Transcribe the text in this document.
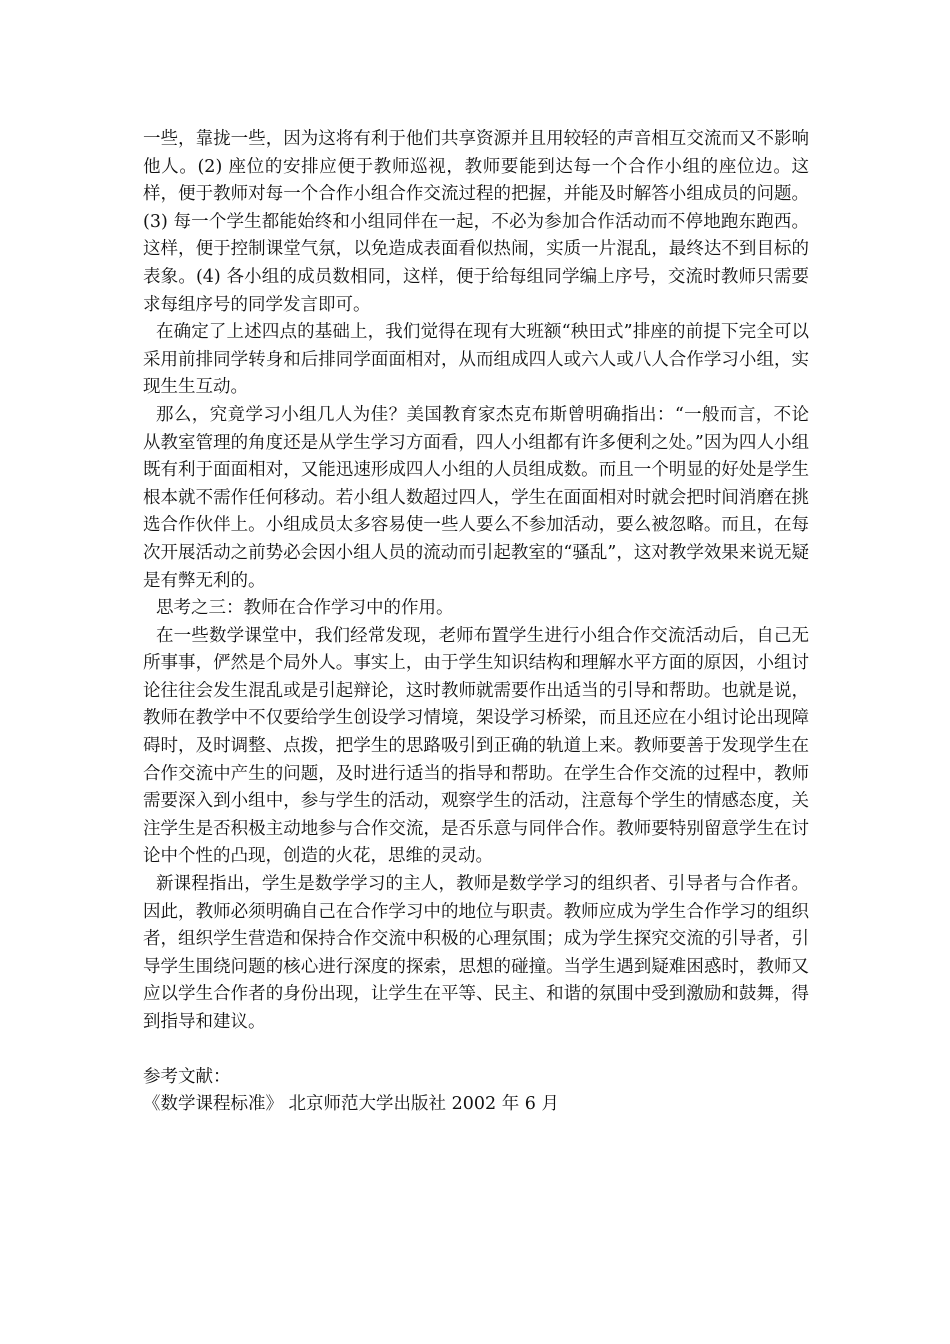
一些，靠拢一些，因为这将有利于他们共享资源并且用较轻的声音相互交流而又不影响他人。(2) 座位的安排应便于教师巡视，教师要能到达每一个合作小组的座位边。这样，便于教师对每一个合作小组合作交流过程的把握，并能及时解答小组成员的问题。(3) 每一个学生都能始终和小组同伴在一起，不必为参加合作活动而不停地跑东跑西。这样，便于控制课堂气氛，以免造成表面看似热闹，实质一片混乱，最终达不到目标的表象。(4) 各小组的成员数相同，这样，便于给每组同学编上序号，交流时教师只需要求每组序号的同学发言即可。

在确定了上述四点的基础上，我们觉得在现有大班额“秧田式”排座的前提下完全可以采用前排同学转身和后排同学面面相对，从而组成四人或六人或八人合作学习小组，实现生生互动。

那么，究竟学习小组几人为佳？美国教育家杰克布斯曾明确指出：“一般而言，不论从教室管理的角度还是从学生学习方面看，四人小组都有许多便利之处。”因为四人小组既有利于面面相对，又能迅速形成四人小组的人员组成数。而且一个明显的好处是学生根本就不需作任何移动。若小组人数超过四人，学生在面面相对时就会把时间消磨在挑选合作伙伴上。小组成员太多容易使一些人要么不参加活动，要么被忽略。而且，在每次开展活动之前势必会因小组人员的流动而引起教室的“骚乱”，这对教学效果来说无疑是有弊无利的。

思考之三：教师在合作学习中的作用。

在一些数学课堂中，我们经常发现，老师布置学生进行小组合作交流活动后，自己无所事事，俨然是个局外人。事实上，由于学生知识结构和理解水平方面的原因，小组讨论往往会发生混乱或是引起辩论，这时教师就需要作出适当的引导和帮助。也就是说，教师在教学中不仅要给学生创设学习情境，架设学习桥梁，而且还应在小组讨论出现障碍时，及时调整、点拨，把学生的思路吸引到正确的轨道上来。教师要善于发现学生在合作交流中产生的问题，及时进行适当的指导和帮助。在学生合作交流的过程中，教师需要深入到小组中，参与学生的活动，观察学生的活动，注意每个学生的情感态度，关注学生是否积极主动地参与合作交流，是否乐意与同伴合作。教师要特别留意学生在讨论中个性的凸现，创造的火花，思维的灵动。

新课程指出，学生是数学学习的主人，教师是数学学习的组织者、引导者与合作者。因此，教师必须明确自己在合作学习中的地位与职责。教师应成为学生合作学习的组织者，组织学生营造和保持合作交流中积极的心理氛围；成为学生探究交流的引导者，引导学生围绕问题的核心进行深度的探索，思想的碰撞。当学生遇到疑难困惑时，教师又应以学生合作者的身份出现，让学生在平等、民主、和谐的氛围中受到激励和鼓舞，得到指导和建议。

参考文献：

《数学课程标准》 北京师范大学出版社 2002 年 6 月
